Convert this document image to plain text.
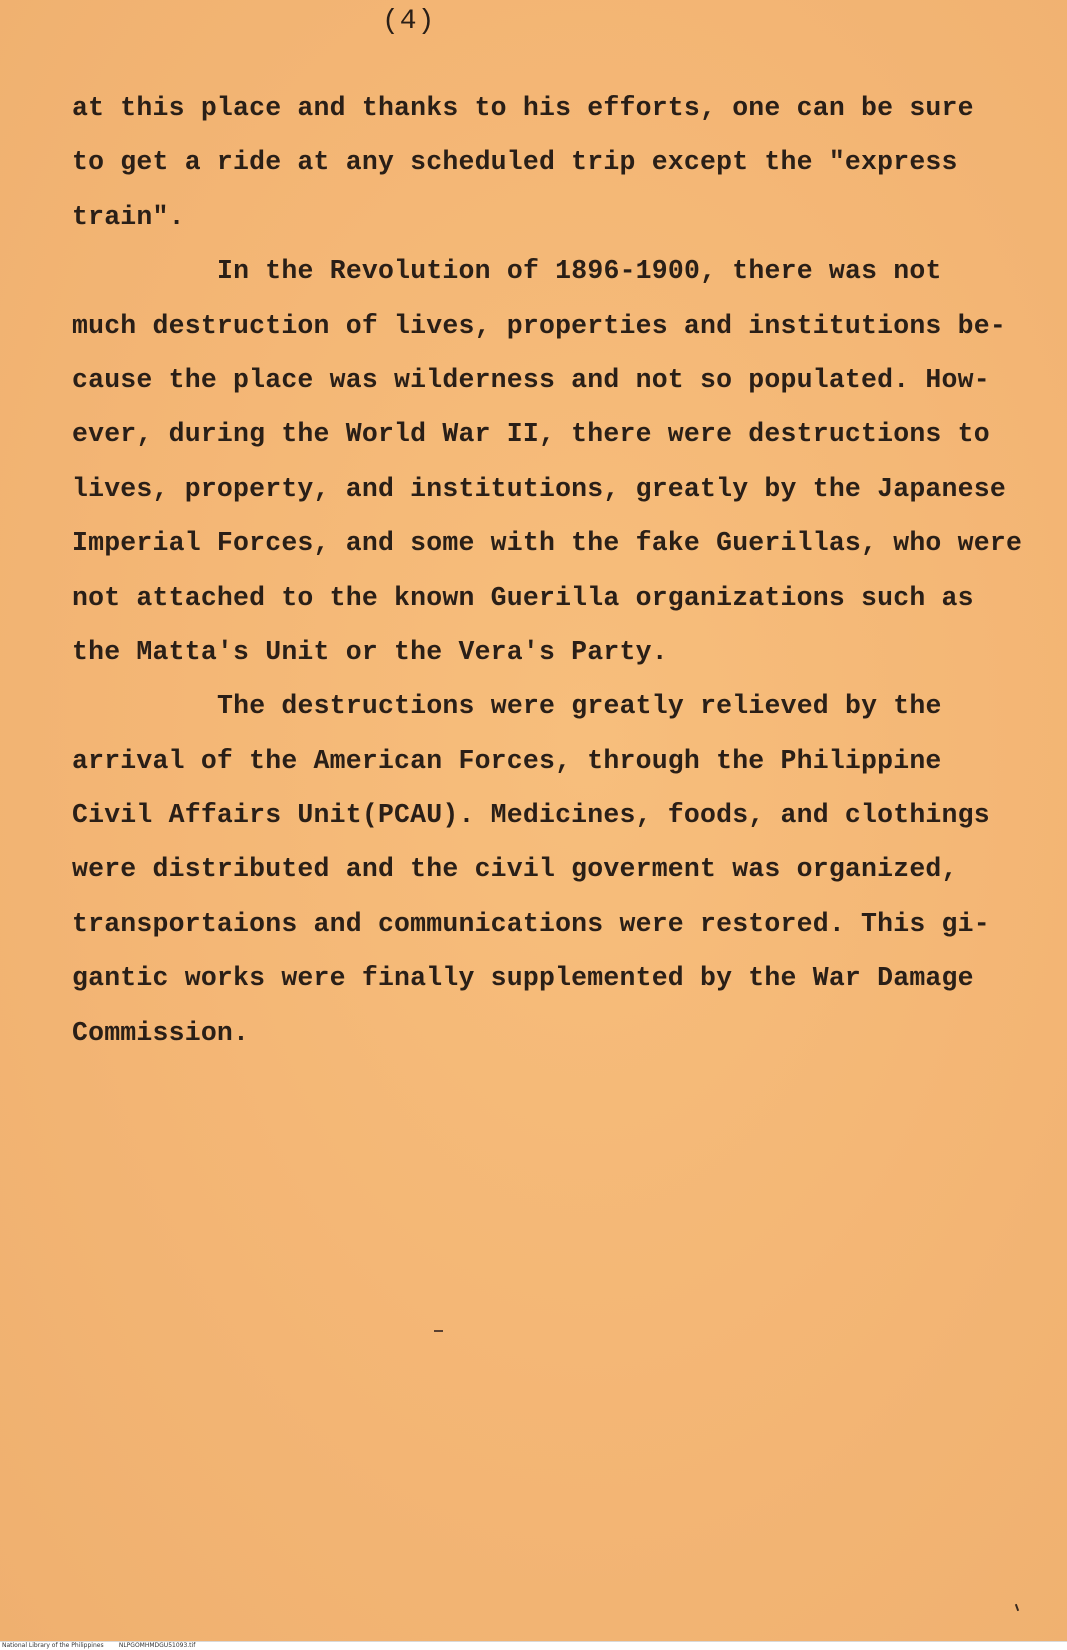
(4)
at this place and thanks to his efforts, one can be sure
to get a ride at any scheduled trip except the "express
train".
In the Revolution of 1896-1900, there was not
much destruction of lives, properties and institutions be-
cause the place was wilderness and not so populated. How-
ever, during the World War II, there were destructions to
lives, property, and institutions, greatly by the Japanese
Imperial Forces, and some with the fake Guerillas, who were
not attached to the known Guerilla organizations such as
the Matta's Unit or the Vera's Party.
The destructions were greatly relieved by the
arrival of the American Forces, through the Philippine
Civil Affairs Unit(PCAU). Medicines, foods, and clothings
were distributed and the civil goverment was organized,
transportaions and communications were restored. This gi-
gantic works were finally supplemented by the War Damage
Commission.
National Library of the Philippines	NLPGOMHMDGU51093.tif
